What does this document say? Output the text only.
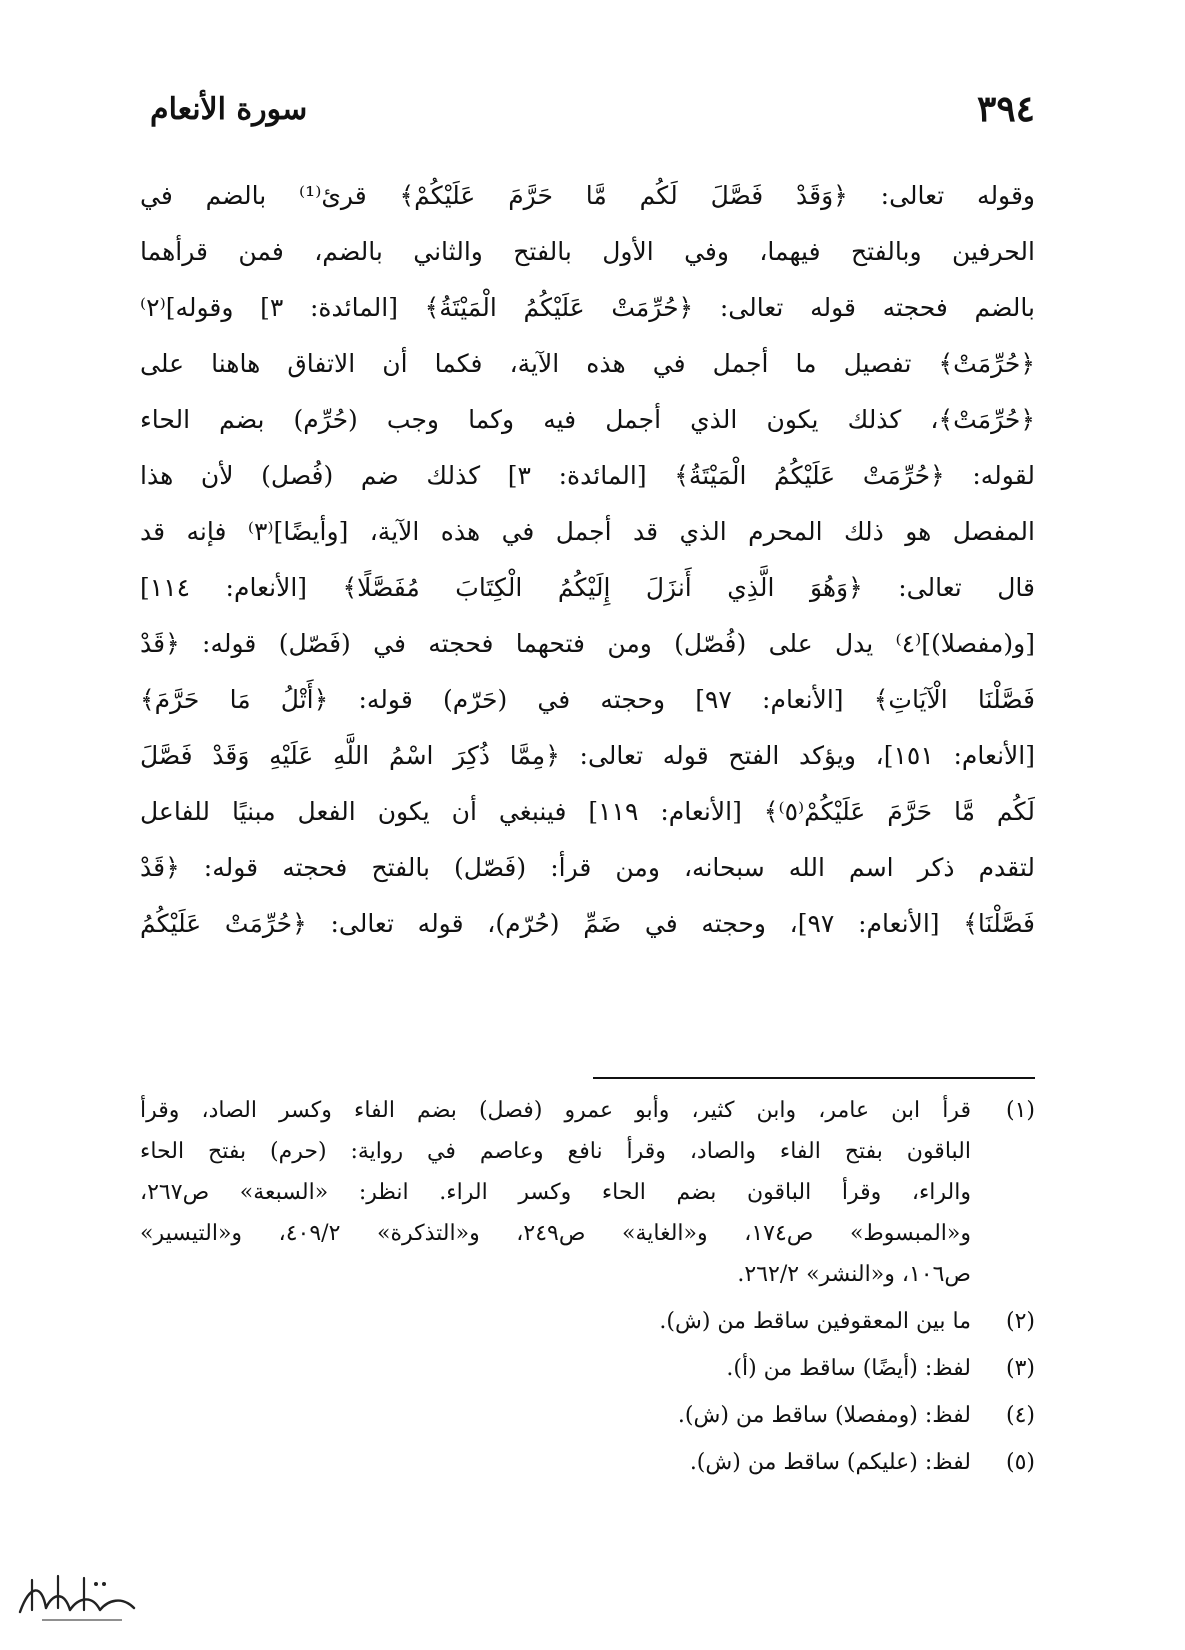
٣٩٤
سورة الأنعام
وقوله تعالى: ﴿وَقَدْ فَصَّلَ لَكُم مَّا حَرَّمَ عَلَيْكُمْ﴾ قرئ⁽¹⁾ بالضم في
الحرفين وبالفتح فيهما، وفي الأول بالفتح والثاني بالضم، فمن قرأهما
بالضم فحجته قوله تعالى: ﴿حُرِّمَتْ عَلَيْكُمُ الْمَيْتَةُ﴾ [المائدة: ٣] وقوله]⁽٢⁾
﴿حُرِّمَتْ﴾ تفصيل ما أجمل في هذه الآية، فكما أن الاتفاق هاهنا على
﴿حُرِّمَتْ﴾، كذلك يكون الذي أجمل فيه وكما وجب (حُرِّم) بضم الحاء
لقوله: ﴿حُرِّمَتْ عَلَيْكُمُ الْمَيْتَةُ﴾ [المائدة: ٣] كذلك ضم (فُصل) لأن هذا
المفصل هو ذلك المحرم الذي قد أجمل في هذه الآية، [وأيضًا]⁽٣⁾ فإنه قد
قال تعالى: ﴿وَهُوَ الَّذِي أَنزَلَ إِلَيْكُمُ الْكِتَابَ مُفَصَّلًا﴾ [الأنعام: ١١٤]
[و(مفصلا)]⁽٤⁾ يدل على (فُصّل) ومن فتحهما فحجته في (فَصّل) قوله: ﴿قَدْ
فَصَّلْنَا الْآيَاتِ﴾ [الأنعام: ٩٧] وحجته في (حَرّم) قوله: ﴿أَتْلُ مَا حَرَّمَ﴾
[الأنعام: ١٥١]، ويؤكد الفتح قوله تعالى: ﴿مِمَّا ذُكِرَ اسْمُ اللَّهِ عَلَيْهِ وَقَدْ فَصَّلَ
لَكُم مَّا حَرَّمَ عَلَيْكُمْ⁽٥⁾﴾ [الأنعام: ١١٩] فينبغي أن يكون الفعل مبنيًا للفاعل
لتقدم ذكر اسم الله سبحانه، ومن قرأ: (فَصّل) بالفتح فحجته قوله: ﴿قَدْ
فَصَّلْنَا﴾ [الأنعام: ٩٧]، وحجته في ضَمِّ (حُرّم)، قوله تعالى: ﴿حُرِّمَتْ عَلَيْكُمُ
(١)
قرأ ابن عامر، وابن كثير، وأبو عمرو (فصل) بضم الفاء وكسر الصاد، وقرأ
الباقون بفتح الفاء والصاد، وقرأ نافع وعاصم في رواية: (حرم) بفتح الحاء
والراء، وقرأ الباقون بضم الحاء وكسر الراء. انظر: «السبعة» ص٢٦٧،
و«المبسوط» ص١٧٤، و«الغاية» ص٢٤٩، و«التذكرة» ٤٠٩/٢، و«التيسير»
ص١٠٦، و«النشر» ٢٦٢/٢.
(٢)
ما بين المعقوفين ساقط من (ش).
(٣)
لفظ: (أيضًا) ساقط من (أ).
(٤)
لفظ: (ومفصلا) ساقط من (ش).
(٥)
لفظ: (عليكم) ساقط من (ش).
